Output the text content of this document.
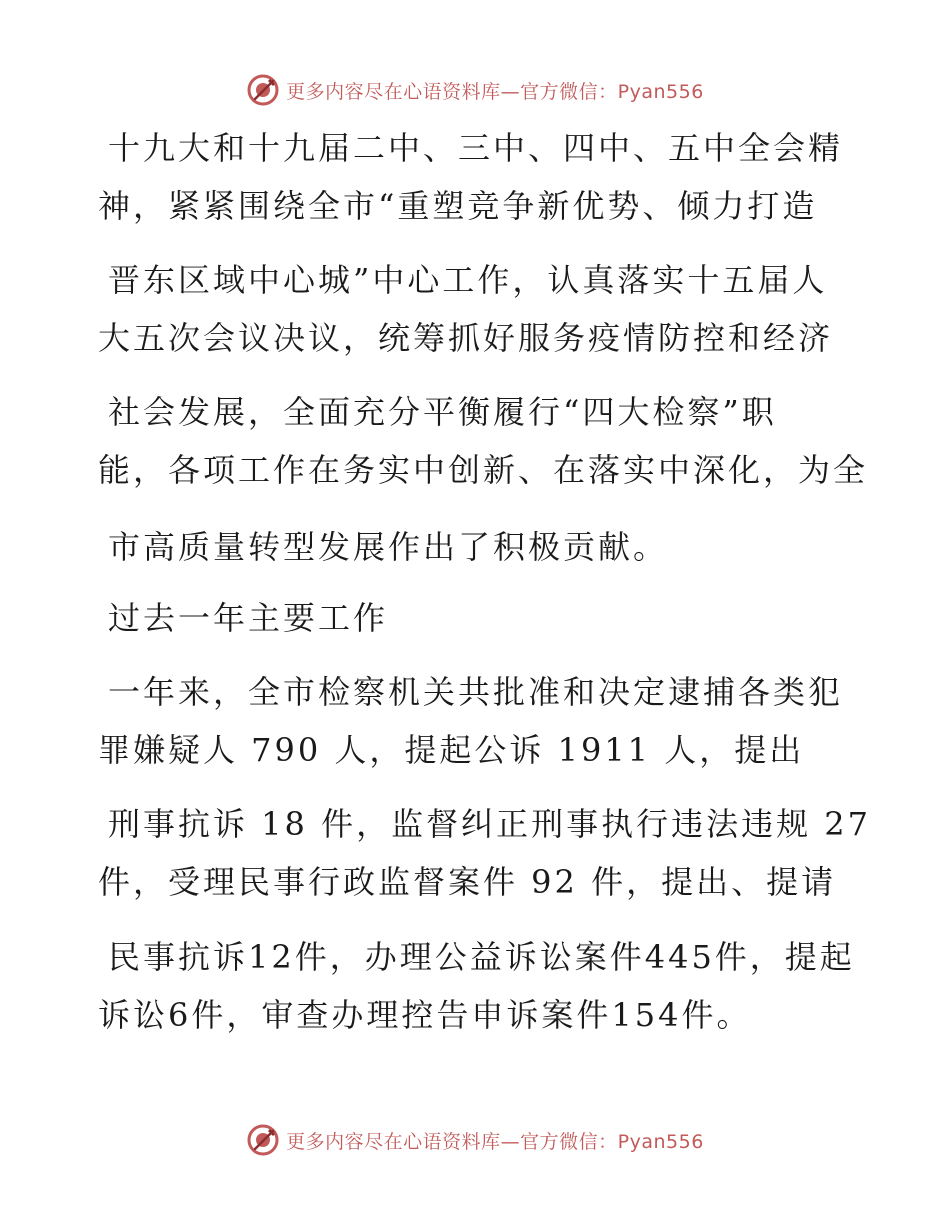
更多内容尽在心语资料库—官方微信：Pyan556
十九大和十九届二中、三中、四中、五中全会精
神，紧紧围绕全市“重塑竞争新优势、倾力打造
晋东区域中心城”中心工作，认真落实十五届人
大五次会议决议，统筹抓好服务疫情防控和经济
社会发展，全面充分平衡履行“四大检察”职
能，各项工作在务实中创新、在落实中深化，为全
市高质量转型发展作出了积极贡献。
过去一年主要工作
一年来，全市检察机关共批准和决定逮捕各类犯
罪嫌疑人 790 人，提起公诉 1911 人，提出
刑事抗诉 18 件，监督纠正刑事执行违法违规 27
件，受理民事行政监督案件 92 件，提出、提请
民事抗诉12件，办理公益诉讼案件445件，提起
诉讼6件，审查办理控告申诉案件154件。
更多内容尽在心语资料库—官方微信：Pyan556
